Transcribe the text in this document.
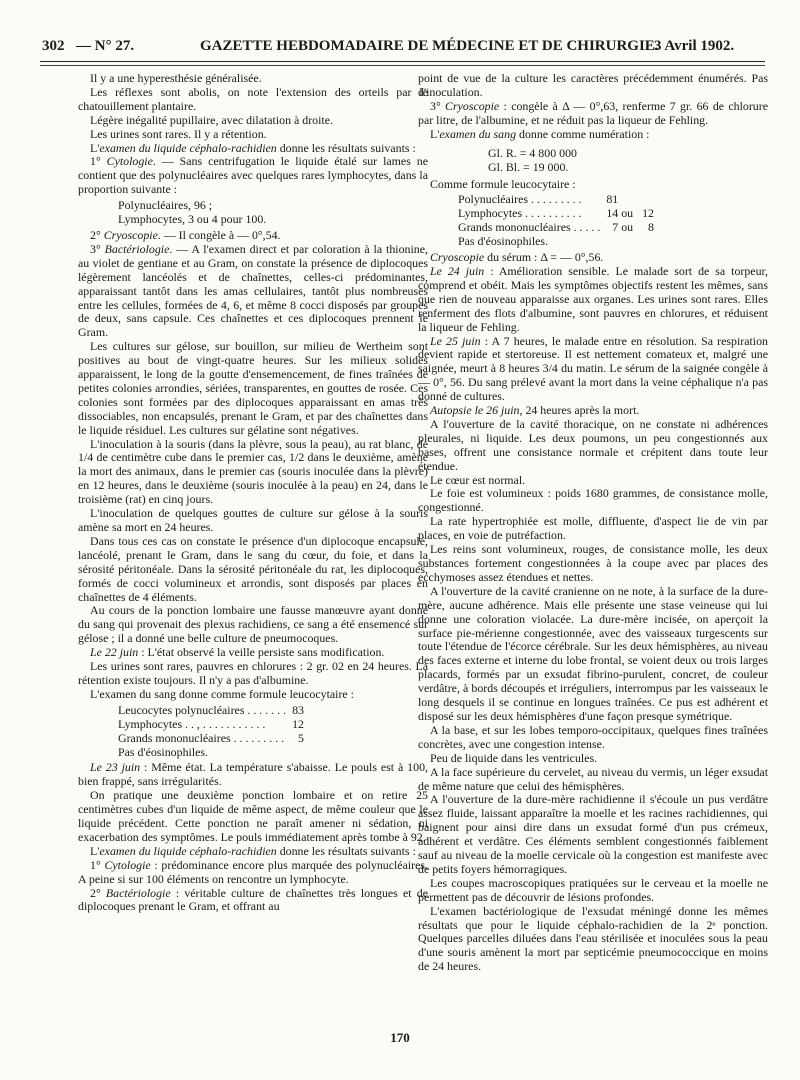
302 — N° 27.	GAZETTE HEBDOMADAIRE DE MÉDECINE ET DE CHIRURGIE.
3 Avril 1902.

Il y a une hyperesthésie généralisée.

Les réflexes sont abolis, on note l'extension des orteils par le chatouillement plantaire.

Légère inégalité pupillaire, avec dilatation à droite.

Les urines sont rares. Il y a rétention.

L'examen du liquide céphalo-rachidien donne les résultats suivants :

1° Cytologie. — Sans centrifugation le liquide étalé sur lames ne contient que des polynucléaires avec quelques rares lymphocytes, dans la proportion suivante :

Polynucléaires, 96 ;
Lymphocytes, 3 ou 4 pour 100.

2° Cryoscopie. — Il congèle à — 0°,54.

3° Bactériologie. — A l'examen direct et par coloration à la thionine, au violet de gentiane et au Gram, on constate la présence de diplocoques légèrement lancéolés et de chaînettes, celles-ci prédominantes, apparaissant tantôt dans les amas cellulaires, tantôt plus nombreuses entre les cellules, formées de 4, 6, et même 8 cocci disposés par groupes de deux, sans capsule. Ces chaînettes et ces diplocoques prennent le Gram.

Les cultures sur gélose, sur bouillon, sur milieu de Wertheim sont positives au bout de vingt-quatre heures. Sur les milieux solides apparaissent, le long de la goutte d'ensemencement, de fines traînées de petites colonies arrondies, sériées, transparentes, en gouttes de rosée. Ces colonies sont formées par des diplocoques apparaissant en amas très dissociables, non encapsulés, prenant le Gram, et par des chaînettes dans le liquide résiduel. Les cultures sur gélatine sont négatives.

L'inoculation à la souris (dans la plèvre, sous la peau), au rat blanc, de 1/4 de centimètre cube dans le premier cas, 1/2 dans le deuxième, amène la mort des animaux, dans le premier cas (souris inoculée dans la plèvre) en 12 heures, dans le deuxième (souris inoculée à la peau) en 24, dans le troisième (rat) en cinq jours.

L'inoculation de quelques gouttes de culture sur gélose à la souris amène sa mort en 24 heures.

Dans tous ces cas on constate le présence d'un diplocoque encapsulé, lancéolé, prenant le Gram, dans le sang du cœur, du foie, et dans la sérosité péritonéale. Dans la sérosité péritonéale du rat, les diplocoques, formés de cocci volumineux et arrondis, sont disposés par places en chaînettes de 4 éléments.

Au cours de la ponction lombaire une fausse manœuvre ayant donné du sang qui provenait des plexus rachidiens, ce sang a été ensemencé sur gélose ; il a donné une belle culture de pneumocoques.

Le 22 juin : L'état observé la veille persiste sans modification.

Les urines sont rares, pauvres en chlorures : 2 gr. 02 en 24 heures. La rétention existe toujours. Il n'y a pas d'albumine.

L'examen du sang donne comme formule leucocytaire :

Leucocytes polynucléaires . . . . . . .	83
Lymphocytes . . , . . . . . . . . . . .	12
Grands mononucléaires . . . . . . . . .	5
Pas d'éosinophiles.	

Le 23 juin : Même état. La température s'abaisse. Le pouls est à 100, bien frappé, sans irrégularités.

On pratique une deuxième ponction lombaire et on retire 25 centimètres cubes d'un liquide de même aspect, de même couleur que le liquide précédent. Cette ponction ne paraît amener ni sédation, ni exacerbation des symptômes. Le pouls immédiatement après tombe à 92.

L'examen du liquide céphalo-rachidien donne les résultats suivants :

1° Cytologie : prédominance encore plus marquée des polynucléaires. A peine si sur 100 éléments on rencontre un lymphocyte.

2° Bactériologie : véritable culture de chaînettes très longues et de diplocoques prenant le Gram, et offrant au

point de vue de la culture les caractères précédemment énumérés. Pas d'inoculation.

3° Cryoscopie : congèle à Δ — 0°,63, renferme 7 gr. 66 de chlorure par litre, de l'albumine, et ne réduit pas la liqueur de Fehling.

L'examen du sang donne comme numération :

Gl. R. = 4 800 000
Gl. Bl. = 19 000.

Comme formule leucocytaire :

Polynucléaires . . . . . . . . .	81		
Lymphocytes . . . . . . . . . .	14	ou	12
Grands mononucléaires . . . . .	7	ou	8
Pas d'éosinophiles.			

Cryoscopie du sérum : Δ = — 0°,56.

Le 24 juin : Amélioration sensible. Le malade sort de sa torpeur, comprend et obéit. Mais les symptômes objectifs restent les mêmes, sans que rien de nouveau apparaisse aux organes. Les urines sont rares. Elles renferment des flots d'albumine, sont pauvres en chlorures, et réduisent la liqueur de Fehling.

Le 25 juin : A 7 heures, le malade entre en résolution. Sa respiration devient rapide et stertoreuse. Il est nettement comateux et, malgré une saignée, meurt à 8 heures 3/4 du matin. Le sérum de la saignée congèle à — 0°, 56. Du sang prélevé avant la mort dans la veine céphalique n'a pas donné de cultures.

Autopsie le 26 juin, 24 heures après la mort.

A l'ouverture de la cavité thoracique, on ne constate ni adhérences pleurales, ni liquide. Les deux poumons, un peu congestionnés aux bases, offrent une consistance normale et crépitent dans toute leur étendue.

Le cœur est normal.

Le foie est volumineux : poids 1680 grammes, de consistance molle, congestionné.

La rate hypertrophiée est molle, diffluente, d'aspect lie de vin par places, en voie de putréfaction.

Les reins sont volumineux, rouges, de consistance molle, les deux substances fortement congestionnées à la coupe avec par places des ecchymoses assez étendues et nettes.

A l'ouverture de la cavité cranienne on ne note, à la surface de la dure-mère, aucune adhérence. Mais elle présente une stase veineuse qui lui donne une coloration violacée. La dure-mère incisée, on aperçoit la surface pie-mérienne congestionnée, avec des vaisseaux turgescents sur toute l'étendue de l'écorce cérébrale. Sur les deux hémisphères, au niveau des faces externe et interne du lobe frontal, se voient deux ou trois larges placards, formés par un exsudat fibrino-purulent, concret, de couleur verdâtre, à bords découpés et irréguliers, interrompus par les vaisseaux le long desquels il se continue en longues traînées. Ce pus est adhérent et disposé sur les deux hémisphères d'une façon presque symétrique.

A la base, et sur les lobes temporo-occipitaux, quelques fines traînées concrètes, avec une congestion intense.

Peu de liquide dans les ventricules.

A la face supérieure du cervelet, au niveau du vermis, un léger exsudat de même nature que celui des hémisphères.

A l'ouverture de la dure-mère rachidienne il s'écoule un pus verdâtre assez fluide, laissant apparaître la moelle et les racines rachidiennes, qui baignent pour ainsi dire dans un exsudat formé d'un pus crémeux, adhérent et verdâtre. Ces éléments semblent congestionnés faiblement sauf au niveau de la moelle cervicale où la congestion est manifeste avec de petits foyers hémorragiques.

Les coupes macroscopiques pratiquées sur le cerveau et la moelle ne permettent pas de découvrir de lésions profondes.

L'examen bactériologique de l'exsudat méningé donne les mêmes résultats que pour le liquide céphalo-rachidien de la 2ᵉ ponction. Quelques parcelles diluées dans l'eau stérilisée et inoculées sous la peau d'une souris amènent la mort par septicémie pneumococcique en moins de 24 heures.

170
